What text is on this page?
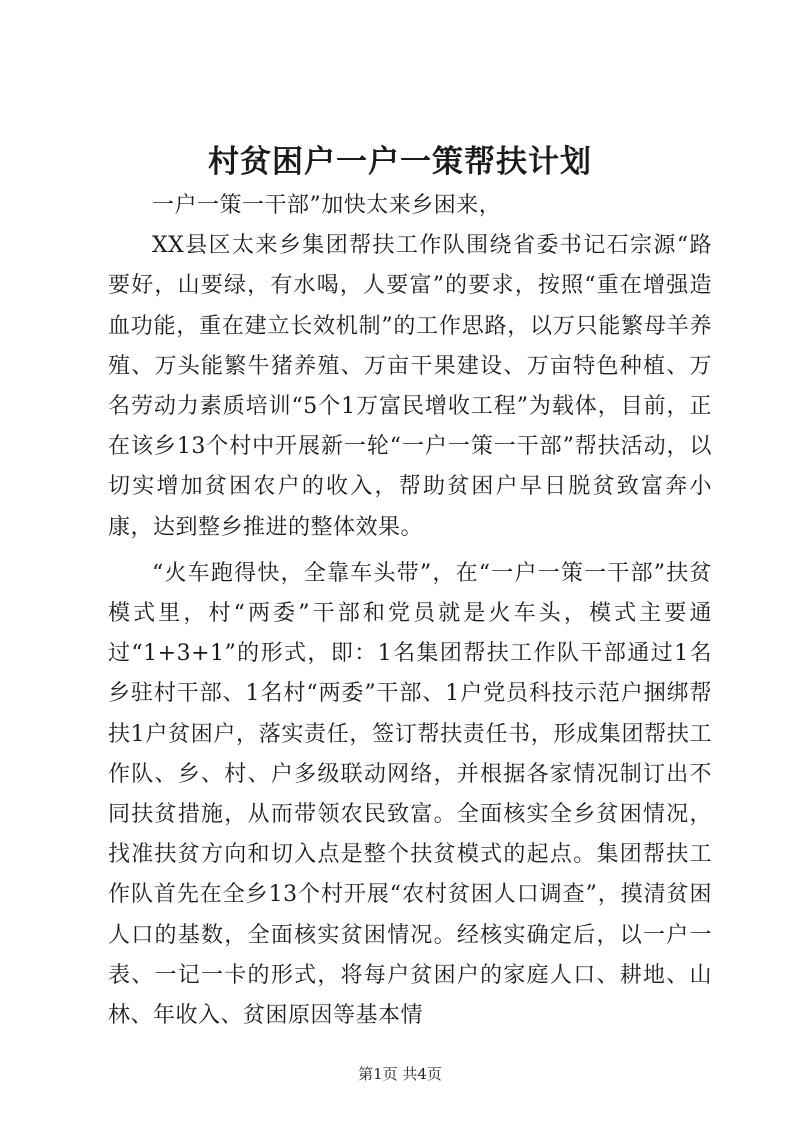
村贫困户一户一策帮扶计划

一户一策一干部”加快太来乡困来，

XX县区太来乡集团帮扶工作队围绕省委书记石宗源“路要好，山要绿，有水喝，人要富”的要求，按照“重在增强造血功能，重在建立长效机制”的工作思路，以万只能繁母羊养殖、万头能繁牛猪养殖、万亩干果建设、万亩特色种植、万名劳动力素质培训“5个1万富民增收工程”为载体，目前，正在该乡13个村中开展新一轮“一户一策一干部”帮扶活动，以切实增加贫困农户的收入，帮助贫困户早日脱贫致富奔小康，达到整乡推进的整体效果。

“火车跑得快，全靠车头带”，在“一户一策一干部”扶贫模式里，村“两委”干部和党员就是火车头，模式主要通过“1+3+1”的形式，即：1名集团帮扶工作队干部通过1名乡驻村干部、1名村“两委”干部、1户党员科技示范户捆绑帮扶1户贫困户，落实责任，签订帮扶责任书，形成集团帮扶工作队、乡、村、户多级联动网络，并根据各家情况制订出不同扶贫措施，从而带领农民致富。全面核实全乡贫困情况，找准扶贫方向和切入点是整个扶贫模式的起点。集团帮扶工作队首先在全乡13个村开展“农村贫困人口调查”，摸清贫困人口的基数，全面核实贫困情况。经核实确定后，以一户一表、一记一卡的形式，将每户贫困户的家庭人口、耕地、山林、年收入、贫困原因等基本情

第1页 共4页
